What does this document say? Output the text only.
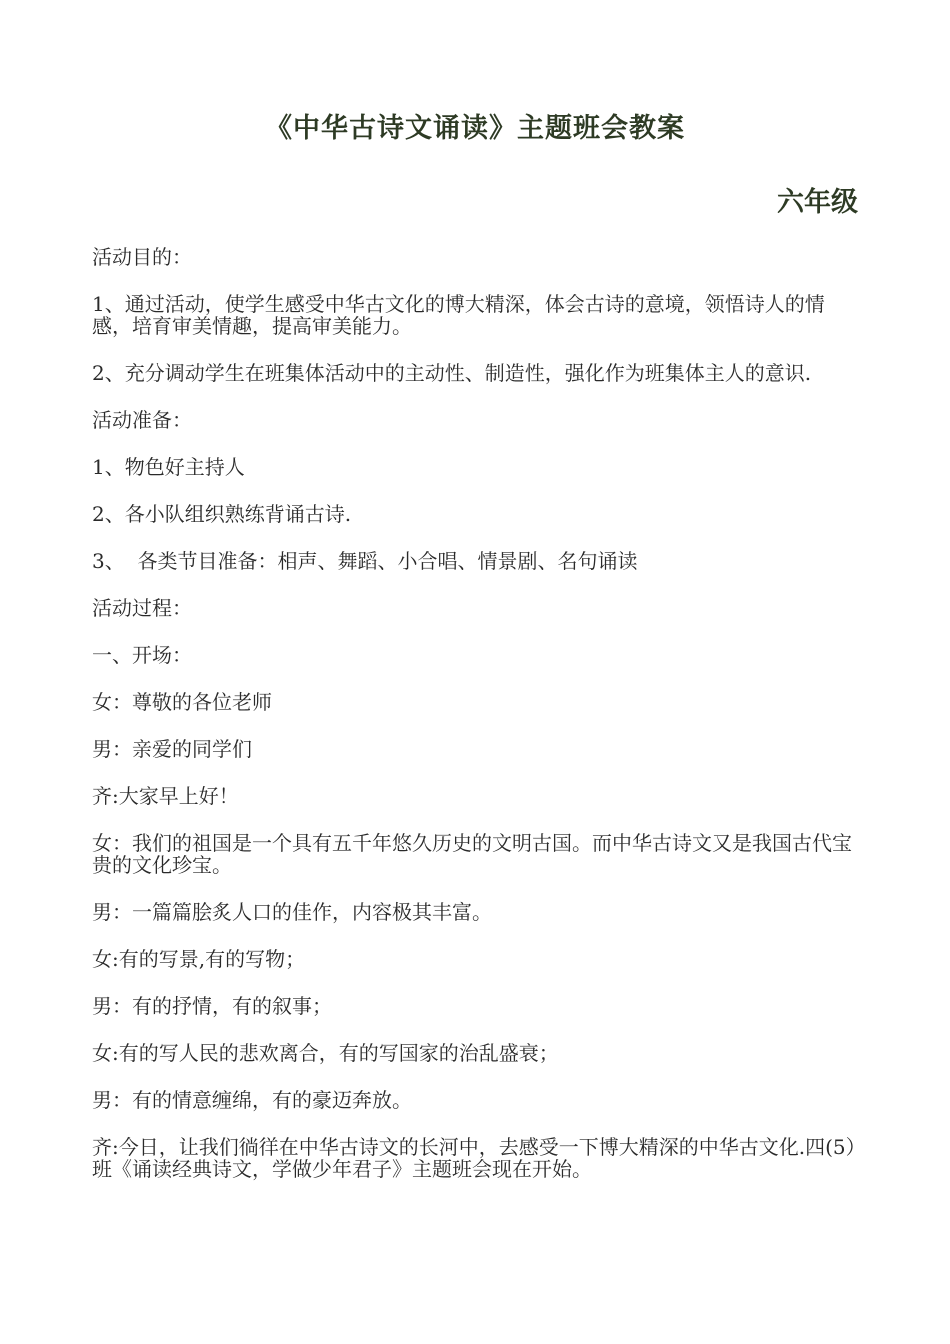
《中华古诗文诵读》主题班会教案
六年级

活动目的：

1、通过活动，使学生感受中华古文化的博大精深，体会古诗的意境，领悟诗人的情感，培育审美情趣，提高审美能力。

2、充分调动学生在班集体活动中的主动性、制造性，强化作为班集体主人的意识.

活动准备：

1、物色好主持人

2、各小队组织熟练背诵古诗.

3、  各类节目准备：相声、舞蹈、小合唱、情景剧、名句诵读

活动过程：

一、开场：

女：尊敬的各位老师

男：亲爱的同学们

齐:大家早上好！

女：我们的祖国是一个具有五千年悠久历史的文明古国。而中华古诗文又是我国古代宝贵的文化珍宝。

男：一篇篇脍炙人口的佳作，内容极其丰富。

女:有的写景,有的写物；

男：有的抒情，有的叙事；

女:有的写人民的悲欢离合，有的写国家的治乱盛衰；

男：有的情意缠绵，有的豪迈奔放。

齐:今日，让我们徜徉在中华古诗文的长河中，去感受一下博大精深的中华古文化.四(5）班《诵读经典诗文，学做少年君子》主题班会现在开始。
